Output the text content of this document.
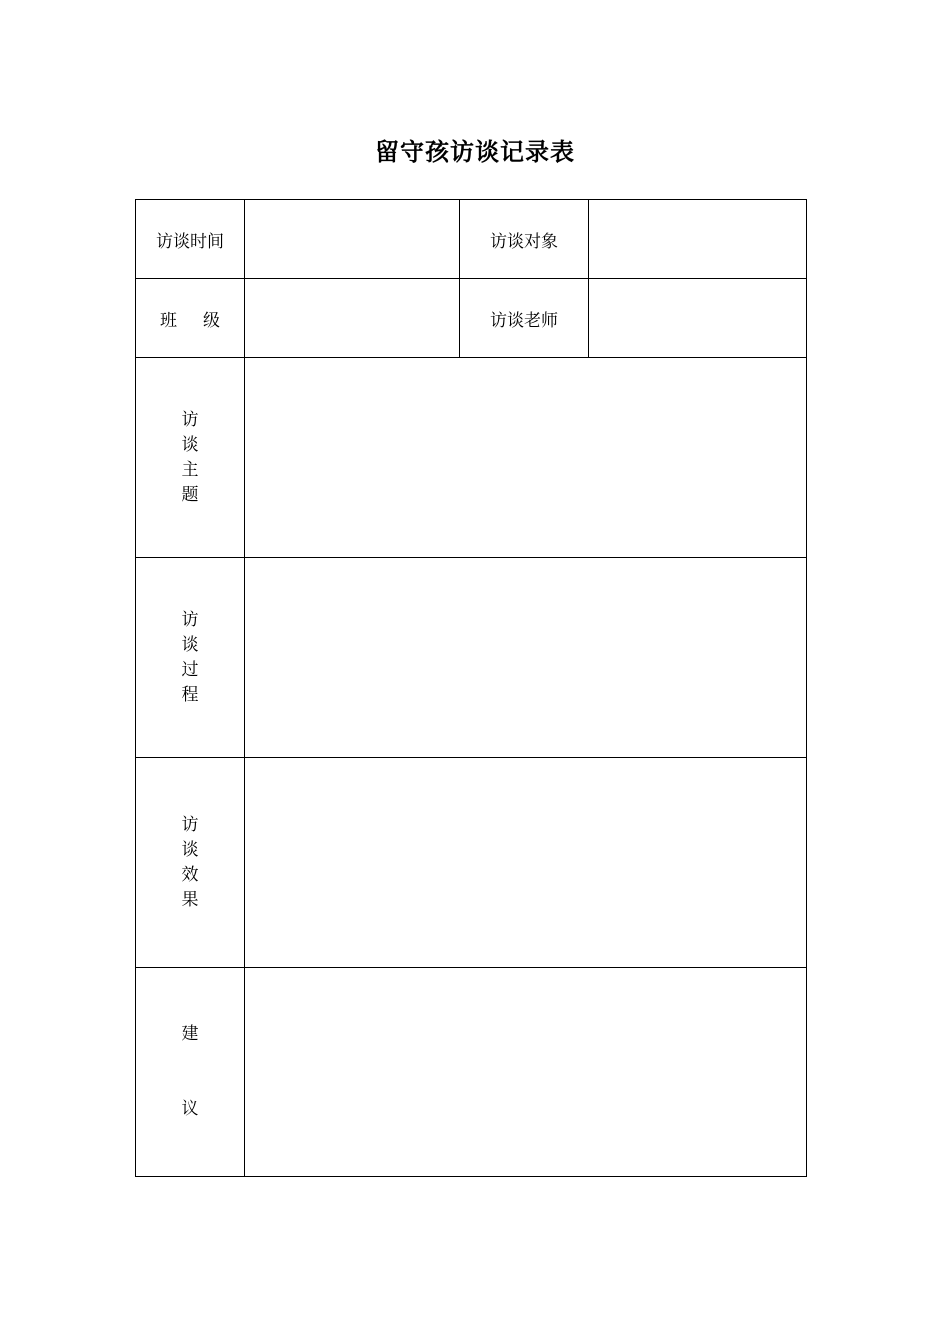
留守孩访谈记录表
访谈时间		访谈对象	
班 级		访谈老师	

访
谈
主
题			

访
谈
过
程			

访
谈
效
果			

建
议			
